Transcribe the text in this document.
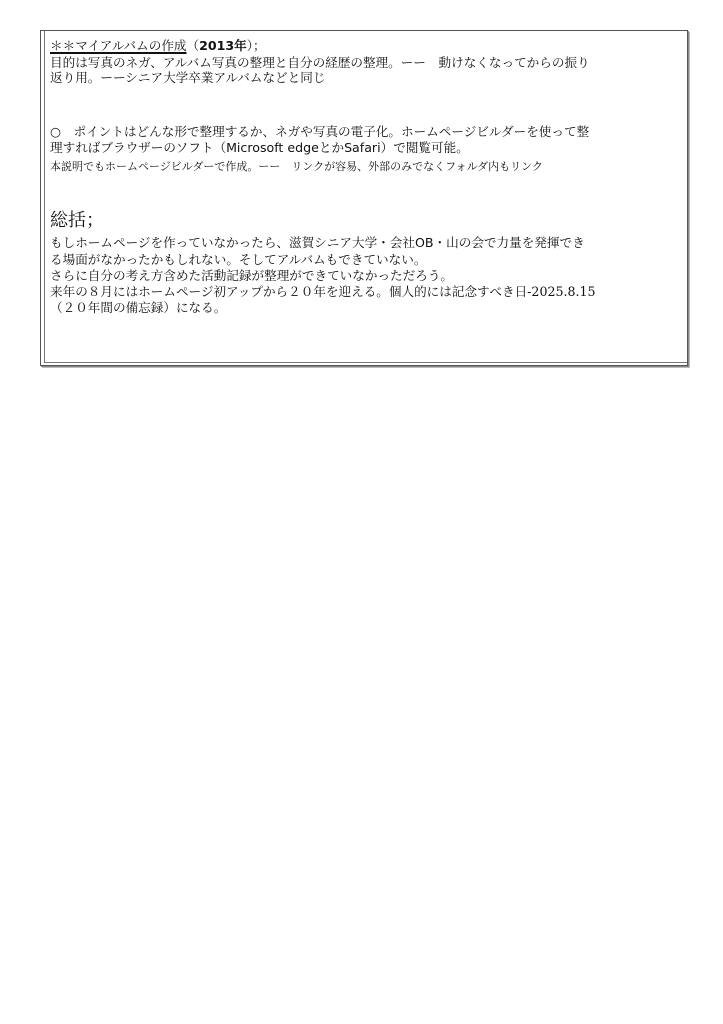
＊＊マイアルバムの作成（2013年）；
目的は写真のネガ、アルバム写真の整理と自分の経歴の整理。ーー　動けなくなってからの振り
返り用。ーーシニア大学卒業アルバムなどと同じ
○　ポイントはどんな形で整理するか、ネガや写真の電子化。ホームページビルダーを使って整
理すればブラウザーのソフト（Microsoft edgeとかSafari）で閲覧可能。
本説明でもホームページビルダーで作成。ーー　リンクが容易、外部のみでなくフォルダ内もリンク
総括；
もしホームページを作っていなかったら、滋賀シニア大学・会社OB・山の会で力量を発揮でき
る場面がなかったかもしれない。そしてアルバムもできていない。
さらに自分の考え方含めた活動記録が整理ができていなかっただろう。
来年の８月にはホームページ初アップから２０年を迎える。個人的には記念すべき日-2025.8.15
（２０年間の備忘録）になる。
